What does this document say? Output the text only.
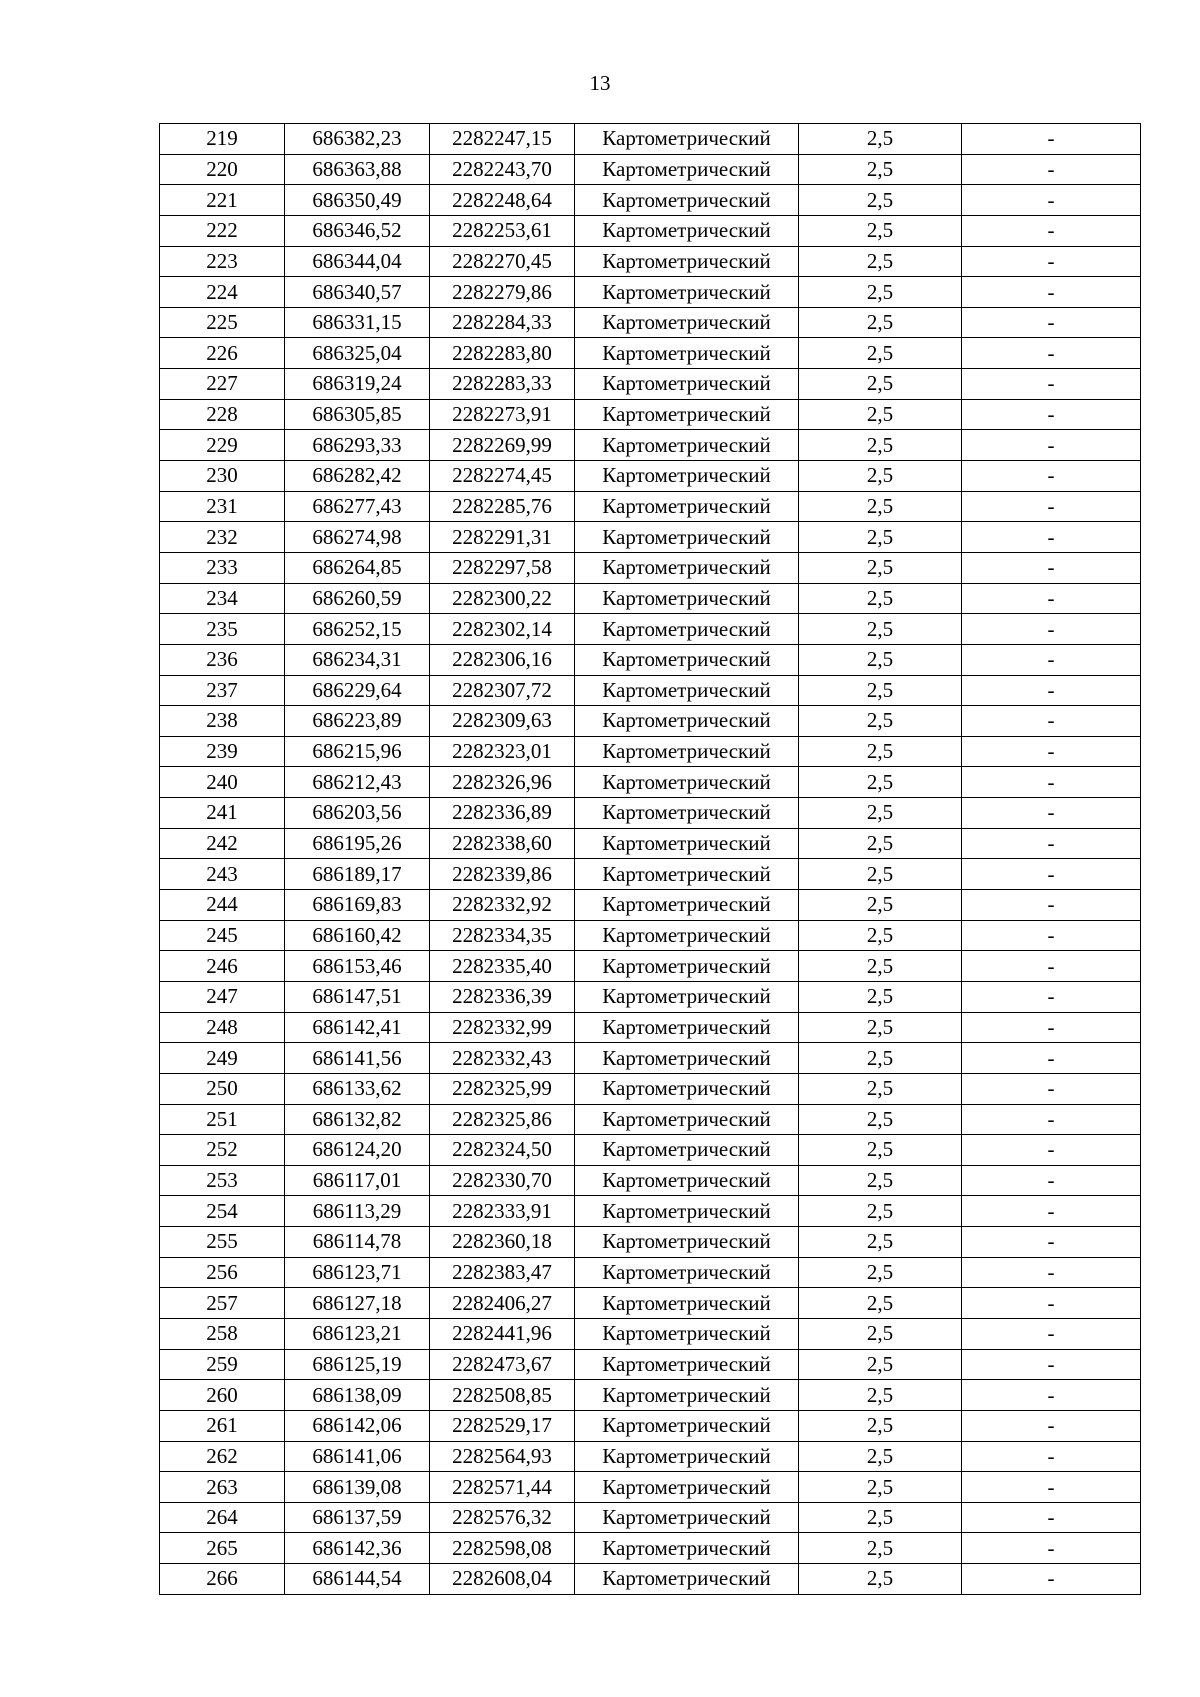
13
219	686382,23	2282247,15	Картометрический	2,5	-
220	686363,88	2282243,70	Картометрический	2,5	-
221	686350,49	2282248,64	Картометрический	2,5	-
222	686346,52	2282253,61	Картометрический	2,5	-
223	686344,04	2282270,45	Картометрический	2,5	-
224	686340,57	2282279,86	Картометрический	2,5	-
225	686331,15	2282284,33	Картометрический	2,5	-
226	686325,04	2282283,80	Картометрический	2,5	-
227	686319,24	2282283,33	Картометрический	2,5	-
228	686305,85	2282273,91	Картометрический	2,5	-
229	686293,33	2282269,99	Картометрический	2,5	-
230	686282,42	2282274,45	Картометрический	2,5	-
231	686277,43	2282285,76	Картометрический	2,5	-
232	686274,98	2282291,31	Картометрический	2,5	-
233	686264,85	2282297,58	Картометрический	2,5	-
234	686260,59	2282300,22	Картометрический	2,5	-
235	686252,15	2282302,14	Картометрический	2,5	-
236	686234,31	2282306,16	Картометрический	2,5	-
237	686229,64	2282307,72	Картометрический	2,5	-
238	686223,89	2282309,63	Картометрический	2,5	-
239	686215,96	2282323,01	Картометрический	2,5	-
240	686212,43	2282326,96	Картометрический	2,5	-
241	686203,56	2282336,89	Картометрический	2,5	-
242	686195,26	2282338,60	Картометрический	2,5	-
243	686189,17	2282339,86	Картометрический	2,5	-
244	686169,83	2282332,92	Картометрический	2,5	-
245	686160,42	2282334,35	Картометрический	2,5	-
246	686153,46	2282335,40	Картометрический	2,5	-
247	686147,51	2282336,39	Картометрический	2,5	-
248	686142,41	2282332,99	Картометрический	2,5	-
249	686141,56	2282332,43	Картометрический	2,5	-
250	686133,62	2282325,99	Картометрический	2,5	-
251	686132,82	2282325,86	Картометрический	2,5	-
252	686124,20	2282324,50	Картометрический	2,5	-
253	686117,01	2282330,70	Картометрический	2,5	-
254	686113,29	2282333,91	Картометрический	2,5	-
255	686114,78	2282360,18	Картометрический	2,5	-
256	686123,71	2282383,47	Картометрический	2,5	-
257	686127,18	2282406,27	Картометрический	2,5	-
258	686123,21	2282441,96	Картометрический	2,5	-
259	686125,19	2282473,67	Картометрический	2,5	-
260	686138,09	2282508,85	Картометрический	2,5	-
261	686142,06	2282529,17	Картометрический	2,5	-
262	686141,06	2282564,93	Картометрический	2,5	-
263	686139,08	2282571,44	Картометрический	2,5	-
264	686137,59	2282576,32	Картометрический	2,5	-
265	686142,36	2282598,08	Картометрический	2,5	-
266	686144,54	2282608,04	Картометрический	2,5	-
